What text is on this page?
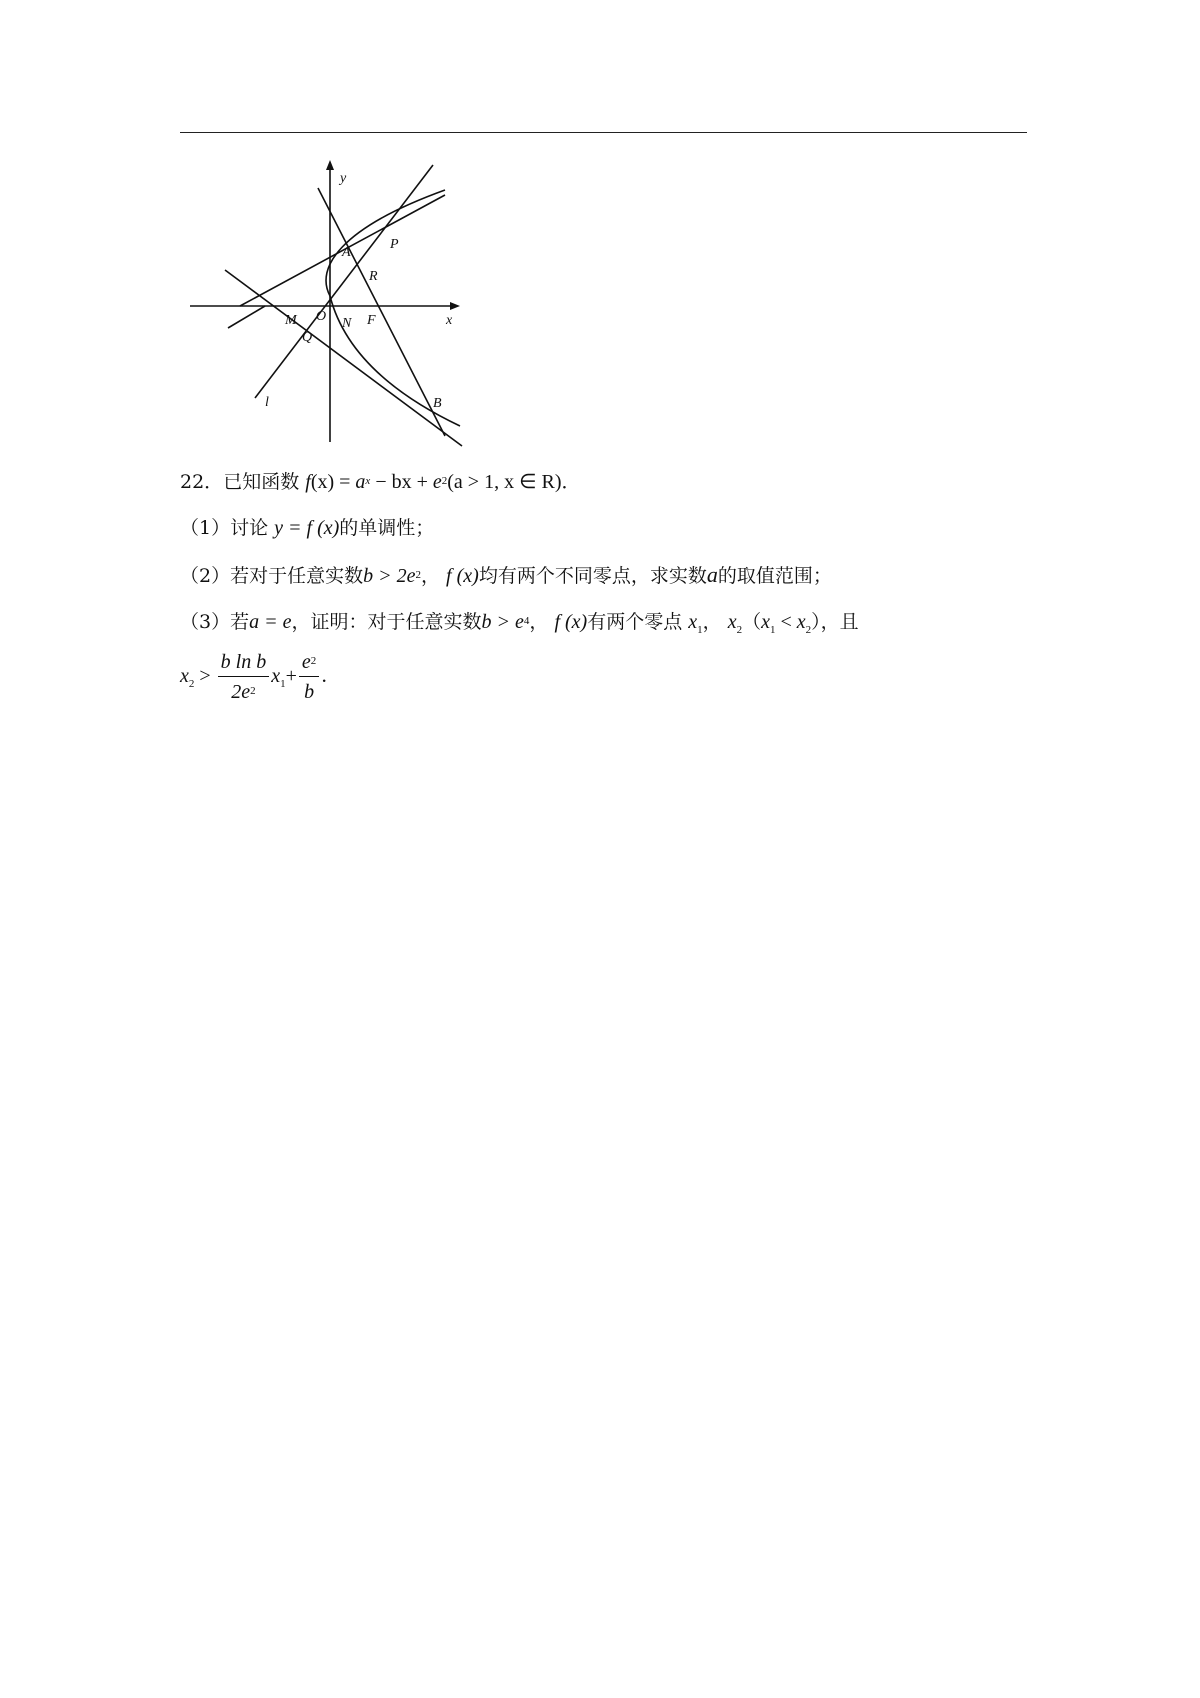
y
x
A
P
R
M O N F
Q
l	B
22．已知函数 $f(x) = a^x$ − bx + $e^2(a > 1$, x ∈ R)．
（1）讨论 y = f (x)的单调性；
（2）若对于任意实数$b > 2e^2$， f (x)均有两个不同零点，求实数a的取值范围；
（3）若a = e，证明：对于任意实数$b > e^4$， f (x)有两个零点 $x_1$， $x_2(x_1 < x_2)$，且
$x_2 > \frac{\text{b ln b}}{2e^2} x_1+ \frac{e^2}{b}$ ．
